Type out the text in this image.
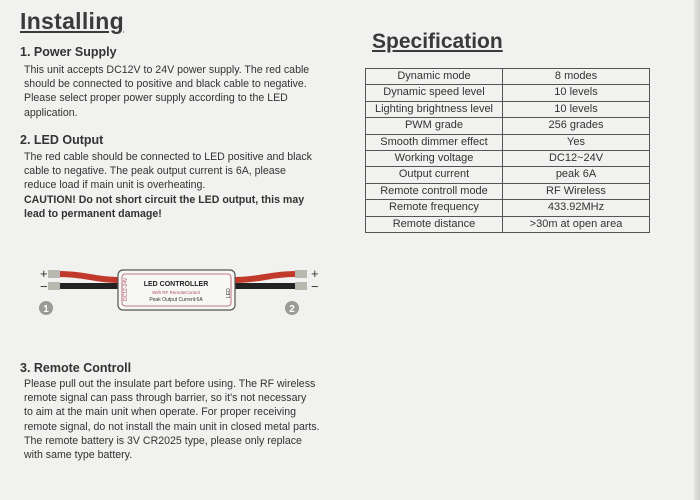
Installing
1. Power Supply
This unit accepts DC12V to 24V power supply. The red cable
should be connected to positive and black cable to negative.
Please select proper power supply according to the LED
application.
2. LED Output
The red cable should be connected to LED positive and black
cable to negative. The peak output current is 6A, please
reduce load if main unit is overheating.
CAUTION! Do not short circuit the LED output, this may
lead to permanent damage!
+
−
+
−
1	2
DC12-24V	LED
LED CONTROLLER
With RF RemoteControl
Peak Output Current:6A
3. Remote Controll
Please pull out the insulate part before using. The RF wireless
remote signal can pass through barrier, so it's not necessary
to aim at the main unit when operate. For proper receiving
remote signal, do not install the main unit in closed metal parts.
The remote battery is 3V CR2025 type, please only replace
with same type battery.
Specification
Dynamic mode	8 modes
Dynamic speed level	10 levels
Lighting brightness level	10 levels
PWM grade	256 grades
Smooth dimmer effect	Yes
Working voltage	DC12~24V
Output current	peak 6A
Remote controll mode	RF Wireless
Remote frequency	433.92MHz
Remote distance	>30m at open area
